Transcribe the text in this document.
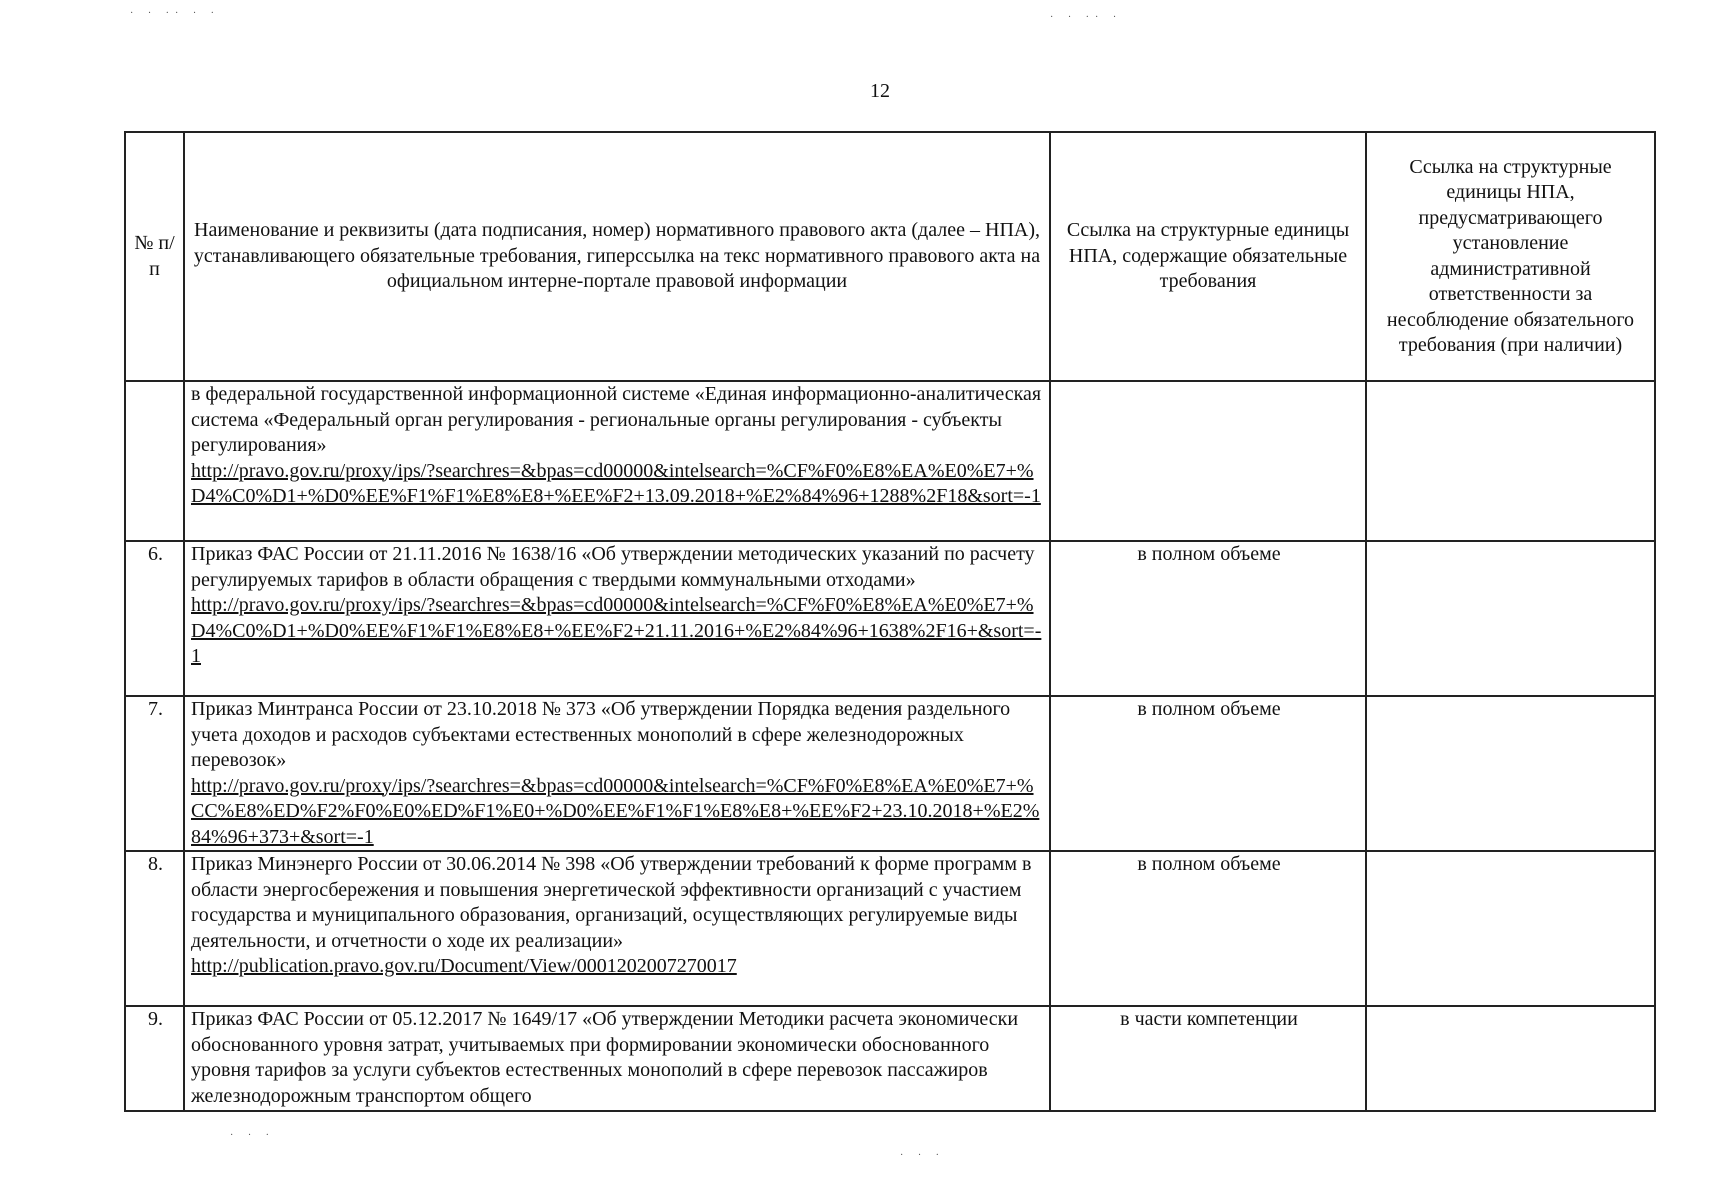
12
№ п/п	Наименование и реквизиты (дата подписания, номер) нормативного правового акта (далее – НПА), устанавливающего обязательные требования, гиперссылка на текс нормативного правового акта на официальном интерне-портале правовой информации	Ссылка на структурные единицы НПА, содержащие обязательные требования	Ссылка на структурные единицы НПА, предусматривающего установление административной ответственности за несоблюдение обязательного требования (при наличии)

	в федеральной государственной информационной системе «Единая информационно-аналитическая система «Федеральный орган регулирования - региональные органы регулирования - субъекты регулирования»
http://pravo.gov.ru/proxy/ips/?searchres=&bpas=cd00000&intelsearch=%CF%F0%E8%EA%E0%E7+%D4%C0%D1+%D0%EE%F1%F1%E8%E8+%EE%F2+13.09.2018+%E2%84%96+1288%2F18&sort=-1		

6.	Приказ ФАС России от 21.11.2016 № 1638/16 «Об утверждении методических указаний по расчету регулируемых тарифов в области обращения с твердыми коммунальными отходами»
http://pravo.gov.ru/proxy/ips/?searchres=&bpas=cd00000&intelsearch=%CF%F0%E8%EA%E0%E7+%D4%C0%D1+%D0%EE%F1%F1%E8%E8+%EE%F2+21.11.2016+%E2%84%96+1638%2F16+&sort=-1	в полном объеме	
7.	Приказ Минтранса России от 23.10.2018 № 373 «Об утверждении Порядка ведения раздельного учета доходов и расходов субъектами естественных монополий в сфере железнодорожных перевозок»
http://pravo.gov.ru/proxy/ips/?searchres=&bpas=cd00000&intelsearch=%CF%F0%E8%EA%E0%E7+%CC%E8%ED%F2%F0%E0%ED%F1%E0+%D0%EE%F1%F1%E8%E8+%EE%F2+23.10.2018+%E2%84%96+373+&sort=-1	в полном объеме	
8.	Приказ Минэнерго России от 30.06.2014 № 398 «Об утверждении требований к форме программ в области энергосбережения и повышения энергетической эффективности организаций с участием государства и муниципального образования, организаций, осуществляющих регулируемые виды деятельности, и отчетности о ходе их реализации»
http://publication.pravo.gov.ru/Document/View/0001202007270017	в полном объеме	
9.	Приказ ФАС России от 05.12.2017 № 1649/17 «Об утверждении Методики расчета экономически обоснованного уровня затрат, учитываемых при формировании экономически обоснованного уровня тарифов за услуги субъектов естественных монополий в сфере перевозок пассажиров железнодорожным транспортом общего	в части компетенции	
· · ·· · ·	· · ·· ·
· · ·
· · ·
